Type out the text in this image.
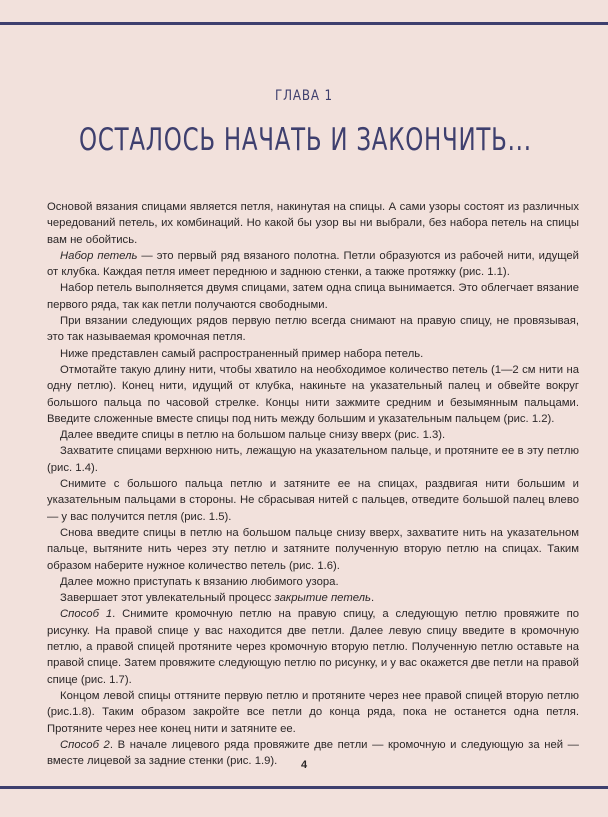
ГЛАВА 1
ОСТАЛОСЬ НАЧАТЬ И ЗАКОНЧИТЬ...

Основой вязания спицами является петля, накинутая на спицы. А сами узоры состоят из различных чередований петель, их комбинаций. Но какой бы узор вы ни выбрали, без набора петель на спицы вам не обойтись.

Набор петель — это первый ряд вязаного полотна. Петли образуются из рабочей нити, идущей от клубка. Каждая петля имеет переднюю и заднюю стенки, а также протяжку (рис. 1.1).

Набор петель выполняется двумя спицами, затем одна спица вынимается. Это облегчает вязание первого ряда, так как петли получаются свободными.

При вязании следующих рядов первую петлю всегда снимают на правую спицу, не провязывая, это так называемая кромочная петля.

Ниже представлен самый распространенный пример набора петель.

Отмотайте такую длину нити, чтобы хватило на необходимое количество петель (1—2 см нити на одну петлю). Конец нити, идущий от клубка, накиньте на указательный палец и обвейте вокруг большого пальца по часовой стрелке. Концы нити зажмите средним и безымянным пальцами. Введите сложенные вместе спицы под нить между большим и указательным пальцем (рис. 1.2).

Далее введите спицы в петлю на большом пальце снизу вверх (рис. 1.3).

Захватите спицами верхнюю нить, лежащую на указательном пальце, и протяните ее в эту петлю (рис. 1.4).

Снимите с большого пальца петлю и затяните ее на спицах, раздвигая нити большим и указательным пальцами в стороны. Не сбрасывая нитей с пальцев, отведите большой палец влево — у вас получится петля (рис. 1.5).

Снова введите спицы в петлю на большом пальце снизу вверх, захватите нить на указательном пальце, вытяните нить через эту петлю и затяните полученную вторую петлю на спицах. Таким образом наберите нужное количество петель (рис. 1.6).

Далее можно приступать к вязанию любимого узора.

Завершает этот увлекательный процесс закрытие петель.

Способ 1. Снимите кромочную петлю на правую спицу, а следующую петлю провяжите по рисунку. На правой спице у вас находится две петли. Далее левую спицу введите в кромочную петлю, а правой спицей протяните через кромочную вторую петлю. Полученную петлю оставьте на правой спице. Затем провяжите следующую петлю по рисунку, и у вас окажется две петли на правой спице (рис. 1.7).

Концом левой спицы оттяните первую петлю и протяните через нее правой спицей вторую петлю (рис.1.8). Таким образом закройте все петли до конца ряда, пока не останется одна петля. Протяните через нее конец нити и затяните ее.

Способ 2. В начале лицевого ряда провяжите две петли — кромочную и следующую за ней — вместе лицевой за задние стенки (рис. 1.9).	4
